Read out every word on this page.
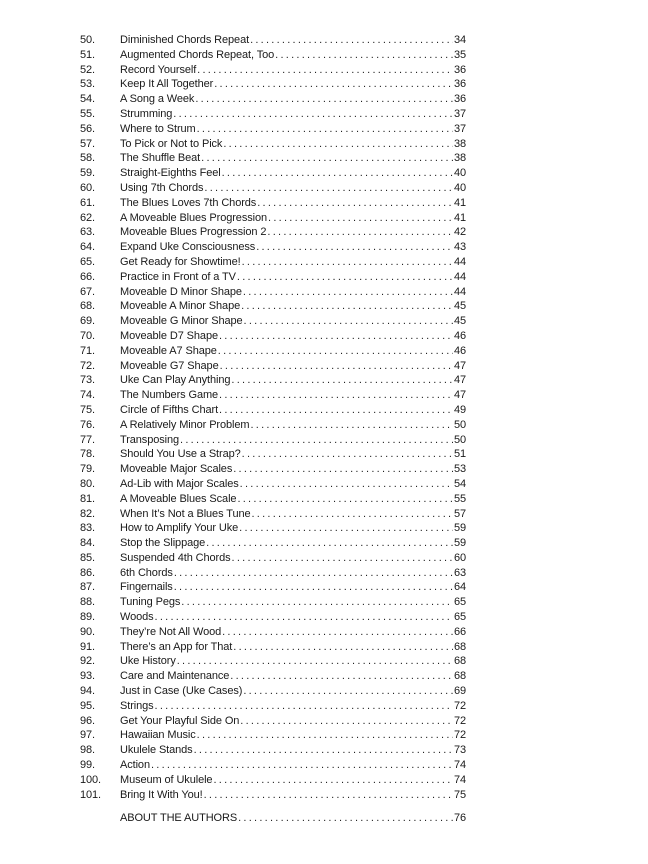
50.	Diminished Chords Repeat . . .	34
51.	Augmented Chords Repeat, Too . . .	35
52.	Record Yourself . . .	36
53.	Keep It All Together . . .	36
54.	A Song a Week . . .	36
55.	Strumming . . .	37
56.	Where to Strum . . .	37
57.	To Pick or Not to Pick . . .	38
58.	The Shuffle Beat . . .	38
59.	Straight-Eighths Feel . . .	40
60.	Using 7th Chords . . .	40
61.	The Blues Loves 7th Chords . . .	41
62.	A Moveable Blues Progression . . .	41
63.	Moveable Blues Progression 2 . . .	42
64.	Expand Uke Consciousness . . .	43
65.	Get Ready for Showtime! . . .	44
66.	Practice in Front of a TV . . .	44
67.	Moveable D Minor Shape . . .	44
68.	Moveable A Minor Shape . . .	45
69.	Moveable G Minor Shape . . .	45
70.	Moveable D7 Shape . . .	46
71.	Moveable A7 Shape . . .	46
72.	Moveable G7 Shape . . .	47
73.	Uke Can Play Anything . . .	47
74.	The Numbers Game . . .	47
75.	Circle of Fifths Chart . . .	49
76.	A Relatively Minor Problem . . .	50
77.	Transposing . . .	50
78.	Should You Use a Strap? . . .	51
79.	Moveable Major Scales . . .	53
80.	Ad-Lib with Major Scales . . .	54
81.	A Moveable Blues Scale . . .	55
82.	When It’s Not a Blues Tune . . .	57
83.	How to Amplify Your Uke . . .	59
84.	Stop the Slippage . . .	59
85.	Suspended 4th Chords . . .	60
86.	6th Chords . . .	63
87.	Fingernails . . .	64
88.	Tuning Pegs . . .	65
89.	Woods . . .	65
90.	They’re Not All Wood . . .	66
91.	There’s an App for That . . .	68
92.	Uke History . . .	68
93.	Care and Maintenance . . .	68
94.	Just in Case (Uke Cases) . . .	69
95.	Strings . . .	72
96.	Get Your Playful Side On . . .	72
97.	Hawaiian Music . . .	72
98.	Ukulele Stands . . .	73
99.	Action . . .	74
100.	Museum of Ukulele . . .	74
101.	Bring It With You! . . .	75
ABOUT THE AUTHORS . . .	76
